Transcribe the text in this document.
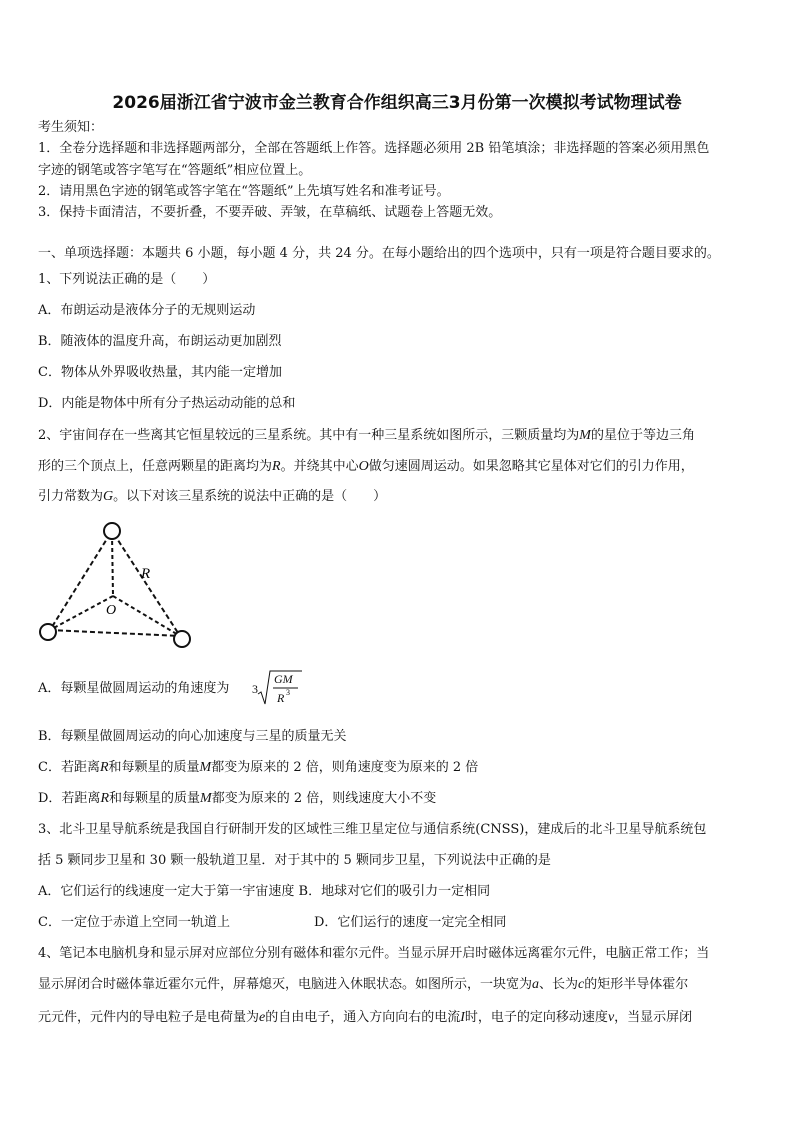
2026届浙江省宁波市金兰教育合作组织高三3月份第一次模拟考试物理试卷
考生须知：
1．全卷分选择题和非选择题两部分，全部在答题纸上作答。选择题必须用 2B 铅笔填涂；非选择题的答案必须用黑色
字迹的钢笔或答字笔写在“答题纸”相应位置上。
2．请用黑色字迹的钢笔或答字笔在“答题纸”上先填写姓名和准考证号。
3．保持卡面清洁，不要折叠，不要弄破、弄皱，在草稿纸、试题卷上答题无效。
一、单项选择题：本题共 6 小题，每小题 4 分，共 24 分。在每小题给出的四个选项中，只有一项是符合题目要求的。
1、下列说法正确的是（　　）
A．布朗运动是液体分子的无规则运动
B．随液体的温度升高，布朗运动更加剧烈
C．物体从外界吸收热量，其内能一定增加
D．内能是物体中所有分子热运动动能的总和
2、宇宙间存在一些离其它恒星较远的三星系统。其中有一种三星系统如图所示，三颗质量均为M的星位于等边三角
形的三个顶点上，任意两颗星的距离均为R。并绕其中心O做匀速圆周运动。如果忽略其它星体对它们的引力作用，
引力常数为G。以下对该三星系统的说法中正确的是（　　）
R
O
A．每颗星做圆周运动的角速度为 3
GM
R 3
B．每颗星做圆周运动的向心加速度与三星的质量无关
C．若距离R和每颗星的质量M都变为原来的 2 倍，则角速度变为原来的 2 倍
D．若距离R和每颗星的质量M都变为原来的 2 倍，则线速度大小不变
3、北斗卫星导航系统是我国自行研制开发的区域性三维卫星定位与通信系统(CNSS)，建成后的北斗卫星导航系统包
括 5 颗同步卫星和 30 颗一般轨道卫星．对于其中的 5 颗同步卫星，下列说法中正确的是
A．它们运行的线速度一定大于第一宇宙速度 B．地球对它们的吸引力一定相同
C．一定位于赤道上空同一轨道上	D．它们运行的速度一定完全相同
4、笔记本电脑机身和显示屏对应部位分别有磁体和霍尔元件。当显示屏开启时磁体远离霍尔元件，电脑正常工作；当
显示屏闭合时磁体靠近霍尔元件，屏幕熄灭，电脑进入休眠状态。如图所示，一块宽为a、长为c的矩形半导体霍尔
元元件，元件内的导电粒子是电荷量为e的自由电子，通入方向向右的电流I时，电子的定向移动速度v，当显示屏闭
